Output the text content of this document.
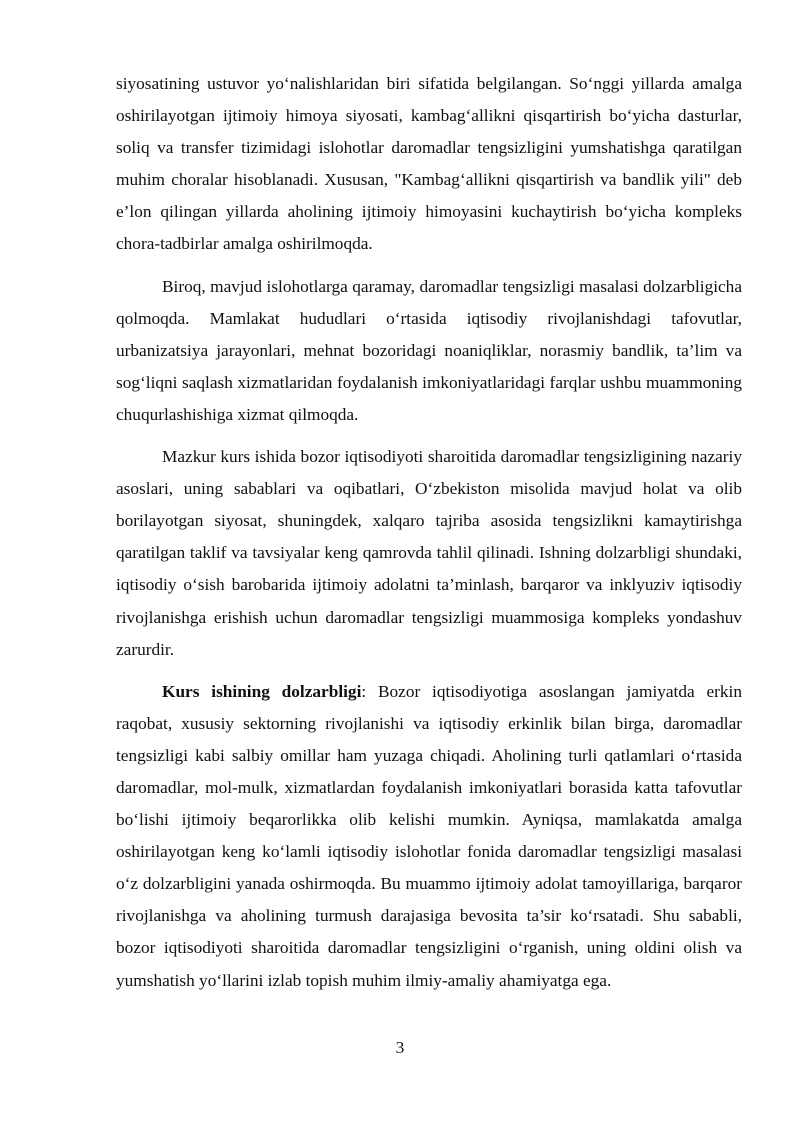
siyosatining ustuvor yo‘nalishlaridan biri sifatida belgilangan. So‘nggi yillarda amalga oshirilayotgan ijtimoiy himoya siyosati, kambag‘allikni qisqartirish bo‘yicha dasturlar, soliq va transfer tizimidagi islohotlar daromadlar tengsizligini yumshatishga qaratilgan muhim choralar hisoblanadi. Xususan, "Kambag‘allikni qisqartirish va bandlik yili" deb e’lon qilingan yillarda aholining ijtimoiy himoyasini kuchaytirish bo‘yicha kompleks chora-tadbirlar amalga oshirilmoqda.

Biroq, mavjud islohotlarga qaramay, daromadlar tengsizligi masalasi dolzarbligicha qolmoqda. Mamlakat hududlari o‘rtasida iqtisodiy rivojlanishdagi tafovutlar, urbanizatsiya jarayonlari, mehnat bozoridagi noaniqliklar, norasmiy bandlik, ta’lim va sog‘liqni saqlash xizmatlaridan foydalanish imkoniyatlaridagi farqlar ushbu muammoning chuqurlashishiga xizmat qilmoqda.

Mazkur kurs ishida bozor iqtisodiyoti sharoitida daromadlar tengsizligining nazariy asoslari, uning sabablari va oqibatlari, O‘zbekiston misolida mavjud holat va olib borilayotgan siyosat, shuningdek, xalqaro tajriba asosida tengsizlikni kamaytirishga qaratilgan taklif va tavsiyalar keng qamrovda tahlil qilinadi. Ishning dolzarbligi shundaki, iqtisodiy o‘sish barobarida ijtimoiy adolatni ta’minlash, barqaror va inklyuziv iqtisodiy rivojlanishga erishish uchun daromadlar tengsizligi muammosiga kompleks yondashuv zarurdir.

Kurs ishining dolzarbligi: Bozor iqtisodiyotiga asoslangan jamiyatda erkin raqobat, xususiy sektorning rivojlanishi va iqtisodiy erkinlik bilan birga, daromadlar tengsizligi kabi salbiy omillar ham yuzaga chiqadi. Aholining turli qatlamlari o‘rtasida daromadlar, mol-mulk, xizmatlardan foydalanish imkoniyatlari borasida katta tafovutlar bo‘lishi ijtimoiy beqarorlikka olib kelishi mumkin. Ayniqsa, mamlakatda amalga oshirilayotgan keng ko‘lamli iqtisodiy islohotlar fonida daromadlar tengsizligi masalasi o‘z dolzarbligini yanada oshirmoqda. Bu muammo ijtimoiy adolat tamoyillariga, barqaror rivojlanishga va aholining turmush darajasiga bevosita ta’sir ko‘rsatadi. Shu sababli, bozor iqtisodiyoti sharoitida daromadlar tengsizligini o‘rganish, uning oldini olish va yumshatish yo‘llarini izlab topish muhim ilmiy-amaliy ahamiyatga ega.

3
